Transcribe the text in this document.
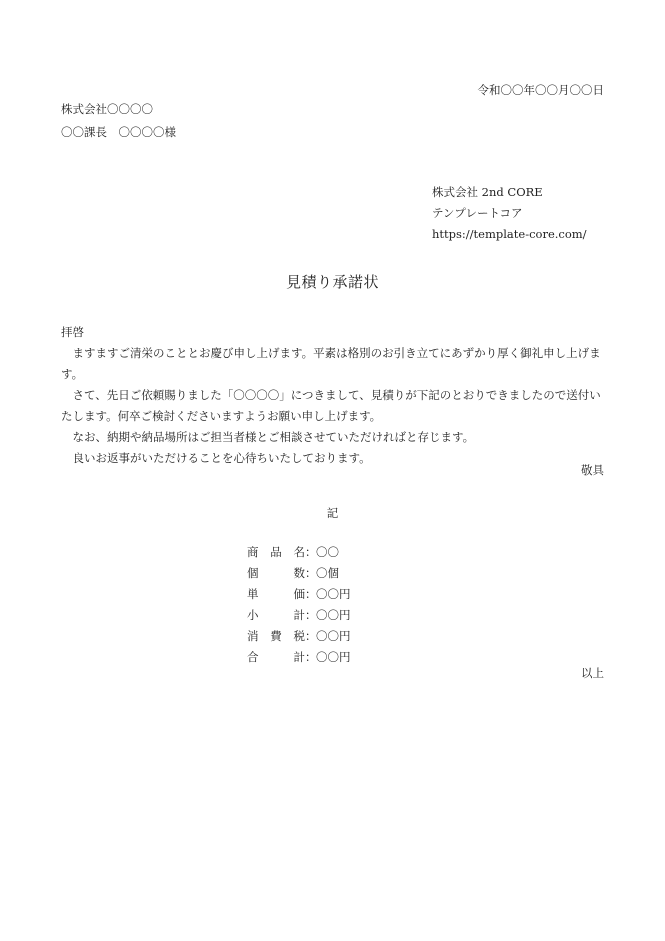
令和〇〇年〇〇月〇〇日
株式会社〇〇〇〇
〇〇課長　〇〇〇〇様
株式会社 2nd CORE
テンプレートコア
https://template-core.com/
見積り承諾状

拝啓

ますますご清栄のこととお慶び申し上げます。平素は格別のお引き立てにあずかり厚く御礼申し上げます。

さて、先日ご依頼賜りました「〇〇〇〇」につきまして、見積りが下記のとおりできましたので送付いたします。何卒ご検討くださいますようお願い申し上げます。

なお、納期や納品場所はご担当者様とご相談させていただければと存じます。

良いお返事がいただけることを心待ちいたしております。

敬具
記
商品名 ： 〇〇
個数 ： 〇個
単価 ： 〇〇円
小計 ： 〇〇円
消費税 ： 〇〇円
合計 ： 〇〇円
以上
